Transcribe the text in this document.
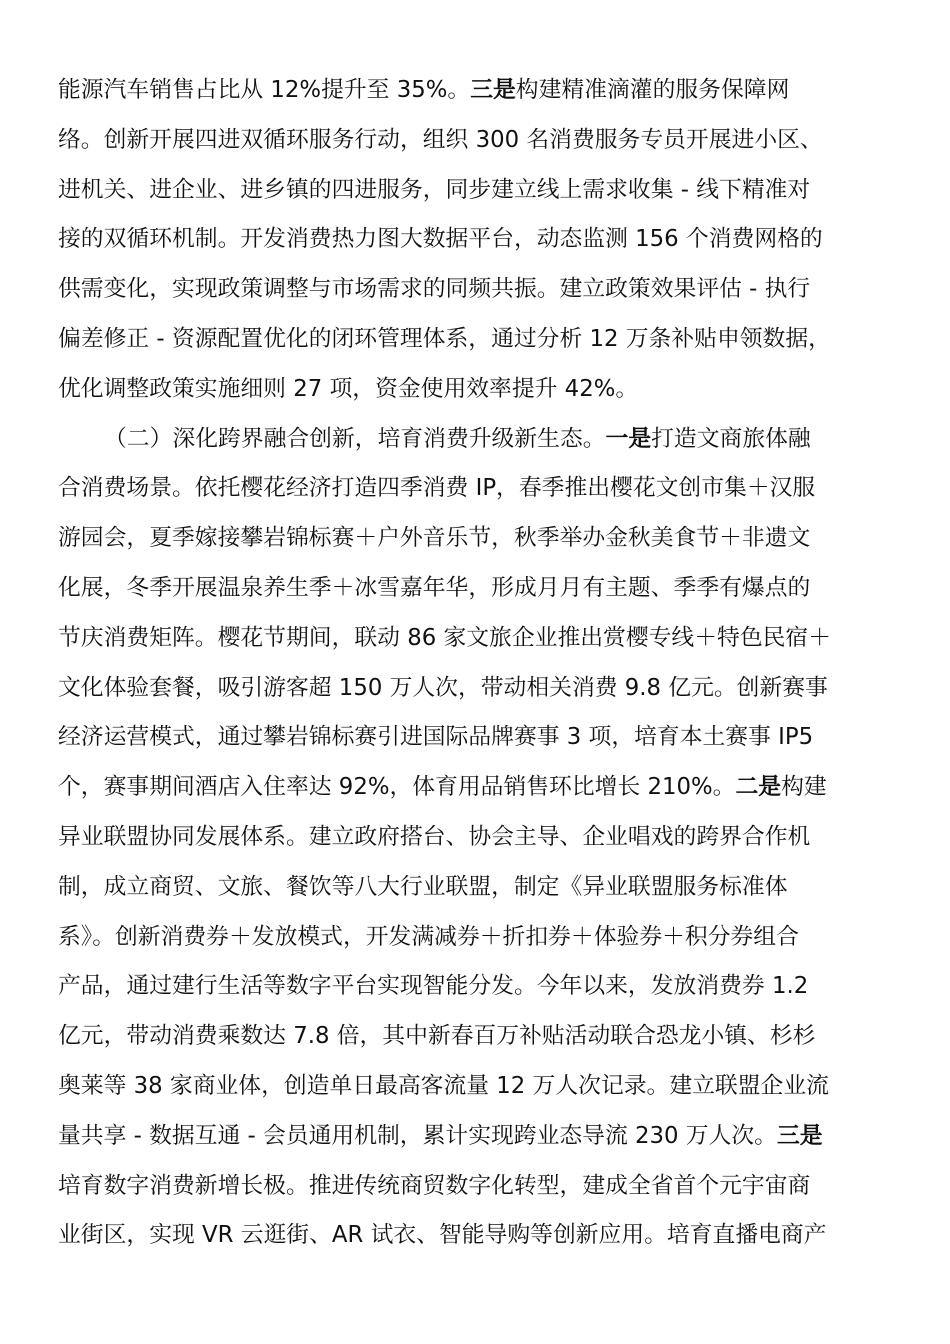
能源汽车销售占比从 12%提升至 35%。三是构建精准滴灌的服务保障网
络。创新开展四进双循环服务行动，组织 300 名消费服务专员开展进小区、
进机关、进企业、进乡镇的四进服务，同步建立线上需求收集 - 线下精准对
接的双循环机制。开发消费热力图大数据平台，动态监测 156 个消费网格的
供需变化，实现政策调整与市场需求的同频共振。建立政策效果评估 - 执行
偏差修正 - 资源配置优化的闭环管理体系，通过分析 12 万条补贴申领数据，
优化调整政策实施细则 27 项，资金使用效率提升 42%。
（二）深化跨界融合创新，培育消费升级新生态。一是打造文商旅体融
合消费场景。依托樱花经济打造四季消费 IP，春季推出樱花文创市集＋汉服
游园会，夏季嫁接攀岩锦标赛＋户外音乐节，秋季举办金秋美食节＋非遗文
化展，冬季开展温泉养生季＋冰雪嘉年华，形成月月有主题、季季有爆点的
节庆消费矩阵。樱花节期间，联动 86 家文旅企业推出赏樱专线＋特色民宿＋
文化体验套餐，吸引游客超 150 万人次，带动相关消费 9.8 亿元。创新赛事
经济运营模式，通过攀岩锦标赛引进国际品牌赛事 3 项，培育本土赛事 IP5
个，赛事期间酒店入住率达 92%，体育用品销售环比增长 210%。二是构建
异业联盟协同发展体系。建立政府搭台、协会主导、企业唱戏的跨界合作机
制，成立商贸、文旅、餐饮等八大行业联盟，制定《异业联盟服务标准体
系》。创新消费券＋发放模式，开发满减券＋折扣券＋体验券＋积分券组合
产品，通过建行生活等数字平台实现智能分发。今年以来，发放消费券 1.2
亿元，带动消费乘数达 7.8 倍，其中新春百万补贴活动联合恐龙小镇、杉杉
奥莱等 38 家商业体，创造单日最高客流量 12 万人次记录。建立联盟企业流
量共享 - 数据互通 - 会员通用机制，累计实现跨业态导流 230 万人次。三是
培育数字消费新增长极。推进传统商贸数字化转型，建成全省首个元宇宙商
业街区，实现 VR 云逛街、AR 试衣、智能导购等创新应用。培育直播电商产
